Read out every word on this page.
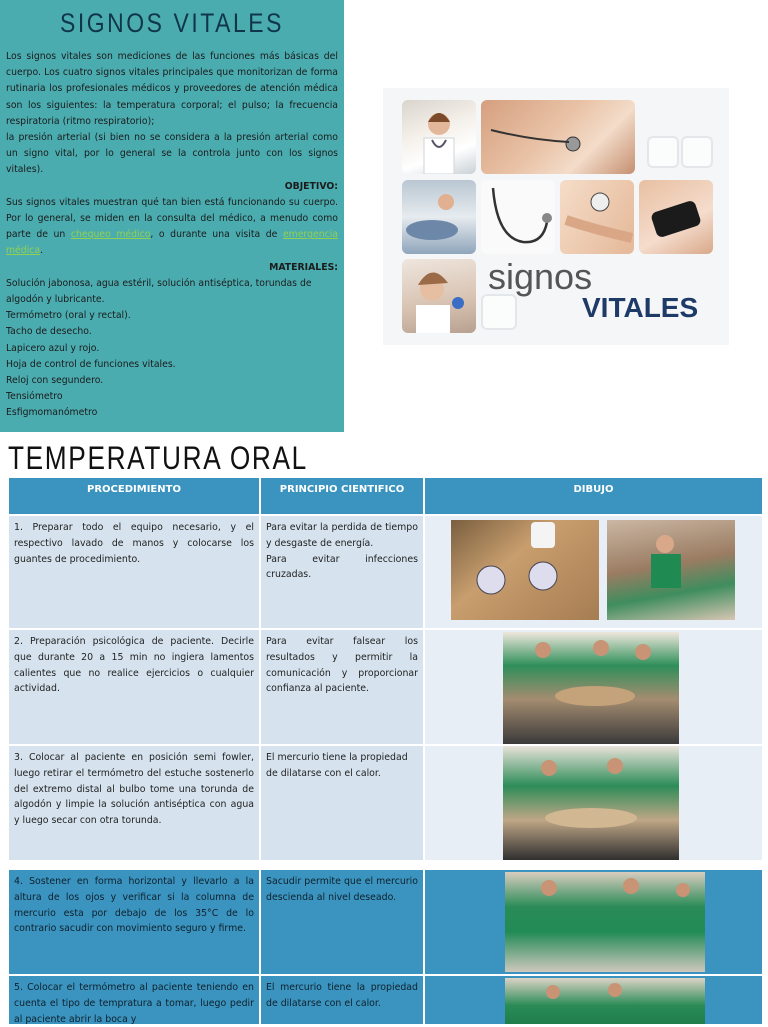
SIGNOS VITALES

Los signos vitales son mediciones de las funciones más básicas del cuerpo. Los cuatro signos vitales principales que monitorizan de forma rutinaria los profesionales médicos y proveedores de atención médica son los siguientes: la temperatura corporal; el pulso; la frecuencia respiratoria (ritmo respiratorio);

la presión arterial (si bien no se considera a la presión arterial como un signo vital, por lo general se la controla junto con los signos vitales).

OBJETIVO:

Sus signos vitales muestran qué tan bien está funcionando su cuerpo. Por lo general, se miden en la consulta del médico, a menudo como parte de un chequeo médico, o durante una visita de emergencia médica.

MATERIALES:

Solución jabonosa, agua estéril, solución antiséptica, torundas de algodón y lubricante.

Termómetro (oral y rectal).

Tacho de desecho.

Lapicero azul y rojo.

Hoja de control de funciones vitales.

Reloj con segundero.

Tensiómetro

Esfigmomanómetro

signos
VITALES
TEMPERATURA ORAL
PROCEDIMIENTO	PRINCIPIO CIENTIFICO	DIBUJO
1. Preparar todo el equipo necesario, y el respectivo lavado de manos y colocarse los guantes de procedimiento.
Para evitar la perdida de tiempo y desgaste de energía.
Para evitar infecciones cruzadas.
2. Preparación psicológica de paciente. Decirle que durante 20 a 15 min no ingiera lamentos calientes que no realice ejercicios o cualquier actividad.
Para evitar falsear los resultados y permitir la comunicación y proporcionar confianza al paciente.
3. Colocar al paciente en posición semi fowler, luego retirar el termómetro del estuche sostenerlo del extremo distal al bulbo tome una torunda de algodón y limpie la solución antiséptica con agua y luego secar con otra torunda.
El mercurio tiene la propiedad de dilatarse con el calor.
4. Sostener en forma horizontal y llevarlo a la altura de los ojos y verificar si la columna de mercurio esta por debajo de los 35°C de lo contrario sacudir con movimiento seguro y firme.
Sacudir permite que el mercurio descienda al nivel deseado.
5. Colocar el termómetro al paciente teniendo en cuenta el tipo de tempratura a tomar, luego pedir al paciente abrir la boca y
El mercurio tiene la propiedad de dilatarse con el calor.
